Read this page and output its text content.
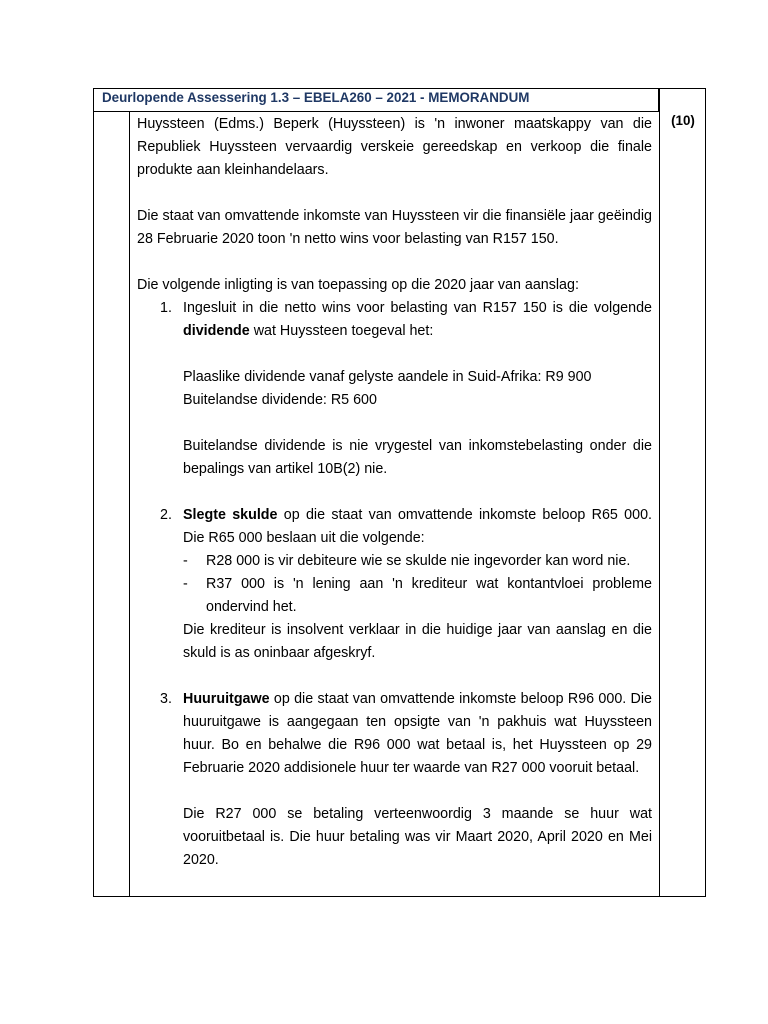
Deurlopende Assessering 1.3 – EBELA260 – 2021 - MEMORANDUM
(10)

Huyssteen (Edms.) Beperk (Huyssteen) is 'n inwoner maatskappy van die Republiek Huyssteen vervaardig verskeie gereedskap en verkoop die finale produkte aan kleinhandelaars.

Die staat van omvattende inkomste van Huyssteen vir die finansiële jaar geëindig 28 Februarie 2020 toon 'n netto wins voor belasting van R157 150.

Die volgende inligting is van toepassing op die 2020 jaar van aanslag:

1. Ingesluit in die netto wins voor belasting van R157 150 is die volgende dividende wat Huyssteen toegeval het:

Plaaslike dividende vanaf gelyste aandele in Suid-Afrika: R9 900

Buitelandse dividende: R5 600

Buitelandse dividende is nie vrygestel van inkomstebelasting onder die bepalings van artikel 10B(2) nie.

2. Slegte skulde op die staat van omvattende inkomste beloop R65 000. Die R65 000 beslaan uit die volgende:

- R28 000 is vir debiteure wie se skulde nie ingevorder kan word nie.

- R37 000 is 'n lening aan 'n krediteur wat kontantvloei probleme ondervind het.

Die krediteur is insolvent verklaar in die huidige jaar van aanslag en die skuld is as oninbaar afgeskryf.

3. Huuruitgawe op die staat van omvattende inkomste beloop R96 000. Die huuruitgawe is aangegaan ten opsigte van 'n pakhuis wat Huyssteen huur. Bo en behalwe die R96 000 wat betaal is, het Huyssteen op 29 Februarie 2020 addisionele huur ter waarde van R27 000 vooruit betaal.

Die R27 000 se betaling verteenwoordig 3 maande se huur wat vooruitbetaal is. Die huur betaling was vir Maart 2020, April 2020 en Mei 2020.
